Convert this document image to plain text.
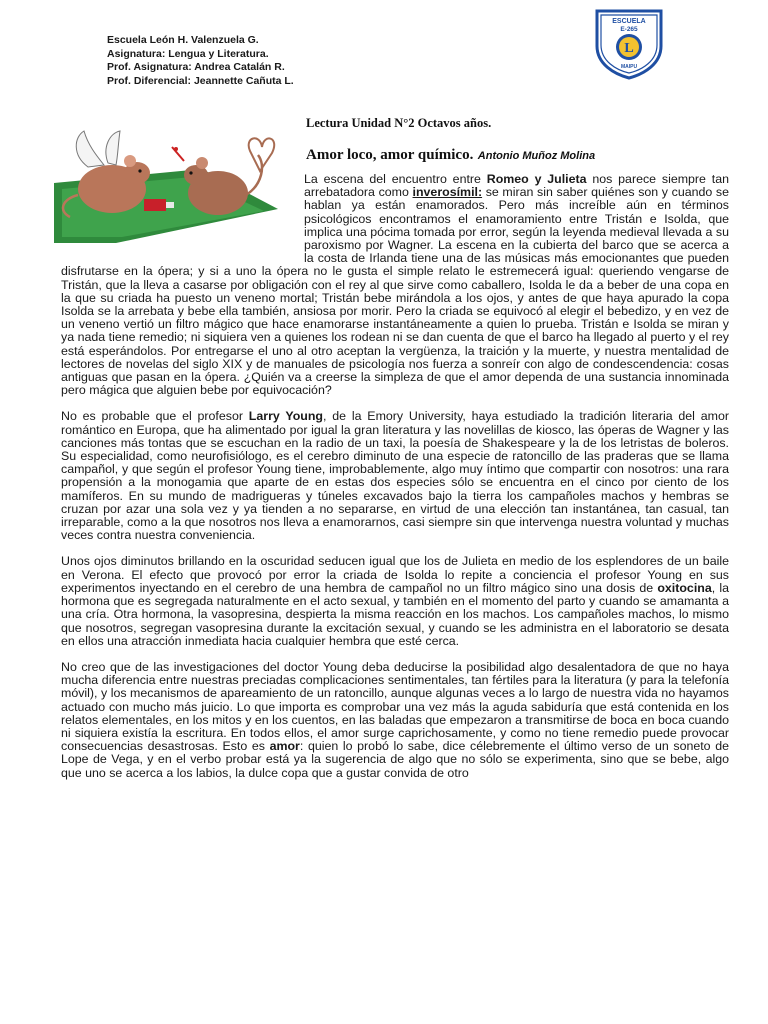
Escuela León H. Valenzuela G.
Asignatura: Lengua y Literatura.
Prof. Asignatura: Andrea Catalán R.
Prof. Diferencial: Jeannette Cañuta L.
ESCUELA
E-265
L
MAIPU
Lectura Unidad N°2 Octavos años.
Amor loco, amor químico. Antonio Muñoz Molina

La escena del encuentro entre Romeo y Julieta nos parece siempre tan arrebatadora como inverosímil: se miran sin saber quiénes son y cuando se hablan ya están enamorados. Pero más increíble aún en términos psicológicos encontramos el enamoramiento entre Tristán e Isolda, que implica una pócima tomada por error, según la leyenda medieval llevada a su paroxismo por Wagner. La escena en la cubierta del barco que se acerca a la costa de Irlanda tiene una de las músicas más emocionantes que pueden disfrutarse en la ópera; y si a uno la ópera no le gusta el simple relato le estremecerá igual: queriendo vengarse de Tristán, que la lleva a casarse por obligación con el rey al que sirve como caballero, Isolda le da a beber de una copa en la que su criada ha puesto un veneno mortal; Tristán bebe mirándola a los ojos, y antes de que haya apurado la copa Isolda se la arrebata y bebe ella también, ansiosa por morir. Pero la criada se equivocó al elegir el bebedizo, y en vez de un veneno vertió un filtro mágico que hace enamorarse instantáneamente a quien lo prueba. Tristán e Isolda se miran y ya nada tiene remedio; ni siquiera ven a quienes los rodean ni se dan cuenta de que el barco ha llegado al puerto y el rey está esperándolos. Por entregarse el uno al otro aceptan la vergüenza, la traición y la muerte, y nuestra mentalidad de lectores de novelas del siglo XIX y de manuales de psicología nos fuerza a sonreír con algo de condescendencia: cosas antiguas que pasan en la ópera. ¿Quién va a creerse la simpleza de que el amor dependa de una sustancia innominada pero mágica que alguien bebe por equivocación?

No es probable que el profesor Larry Young, de la Emory University, haya estudiado la tradición literaria del amor romántico en Europa, que ha alimentado por igual la gran literatura y las novelillas de kiosco, las óperas de Wagner y las canciones más tontas que se escuchan en la radio de un taxi, la poesía de Shakespeare y la de los letristas de boleros. Su especialidad, como neurofisiólogo, es el cerebro diminuto de una especie de ratoncillo de las praderas que se llama campañol, y que según el profesor Young tiene, improbablemente, algo muy íntimo que compartir con nosotros: una rara propensión a la monogamia que aparte de en estas dos especies sólo se encuentra en el cinco por ciento de los mamíferos. En su mundo de madrigueras y túneles excavados bajo la tierra los campañoles machos y hembras se cruzan por azar una sola vez y ya tienden a no separarse, en virtud de una elección tan instantánea, tan casual, tan irreparable, como a la que nosotros nos lleva a enamorarnos, casi siempre sin que intervenga nuestra voluntad y muchas veces contra nuestra conveniencia.

Unos ojos diminutos brillando en la oscuridad seducen igual que los de Julieta en medio de los esplendores de un baile en Verona. El efecto que provocó por error la criada de Isolda lo repite a conciencia el profesor Young en sus experimentos inyectando en el cerebro de una hembra de campañol no un filtro mágico sino una dosis de oxitocina, la hormona que es segregada naturalmente en el acto sexual, y también en el momento del parto y cuando se amamanta a una cría. Otra hormona, la vasopresina, despierta la misma reacción en los machos. Los campañoles machos, lo mismo que nosotros, segregan vasopresina durante la excitación sexual, y cuando se les administra en el laboratorio se desata en ellos una atracción inmediata hacia cualquier hembra que esté cerca.

No creo que de las investigaciones del doctor Young deba deducirse la posibilidad algo desalentadora de que no haya mucha diferencia entre nuestras preciadas complicaciones sentimentales, tan fértiles para la literatura (y para la telefonía móvil), y los mecanismos de apareamiento de un ratoncillo, aunque algunas veces a lo largo de nuestra vida no hayamos actuado con mucho más juicio. Lo que importa es comprobar una vez más la aguda sabiduría que está contenida en los relatos elementales, en los mitos y en los cuentos, en las baladas que empezaron a transmitirse de boca en boca cuando ni siquiera existía la escritura. En todos ellos, el amor surge caprichosamente, y como no tiene remedio puede provocar consecuencias desastrosas. Esto es amor: quien lo probó lo sabe, dice célebremente el último verso de un soneto de Lope de Vega, y en el verbo probar está ya la sugerencia de algo que no sólo se experimenta, sino que se bebe, algo que uno se acerca a los labios, la dulce copa que a gustar convida de otro
